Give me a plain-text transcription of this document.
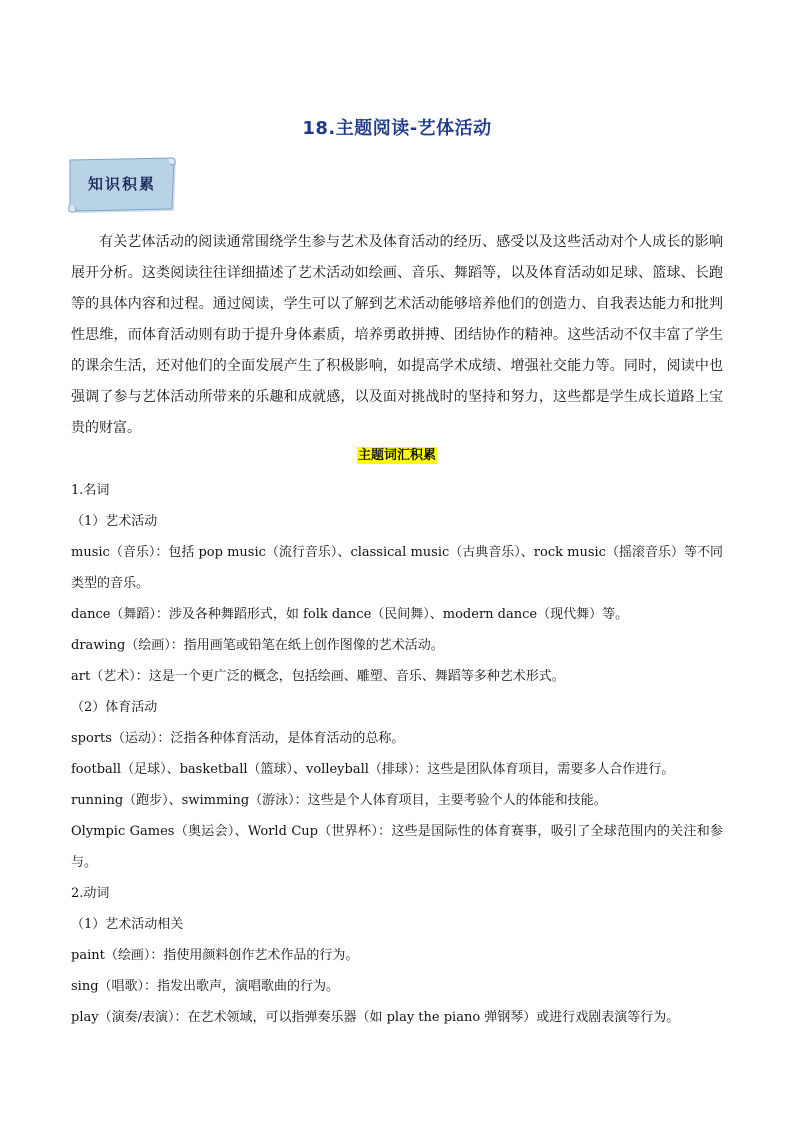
18.主题阅读-艺体活动
知识积累

有关艺体活动的阅读通常围绕学生参与艺术及体育活动的经历、感受以及这些活动对个人成长的影响展开分析。这类阅读往往详细描述了艺术活动如绘画、音乐、舞蹈等，以及体育活动如足球、篮球、长跑等的具体内容和过程。通过阅读，学生可以了解到艺术活动能够培养他们的创造力、自我表达能力和批判性思维，而体育活动则有助于提升身体素质，培养勇敢拼搏、团结协作的精神。这些活动不仅丰富了学生的课余生活，还对他们的全面发展产生了积极影响，如提高学术成绩、增强社交能力等。同时，阅读中也强调了参与艺体活动所带来的乐趣和成就感，以及面对挑战时的坚持和努力，这些都是学生成长道路上宝贵的财富。

主题词汇积累

1.名词

（1）艺术活动

music（音乐）：包括 pop music（流行音乐）、classical music（古典音乐）、rock music（摇滚音乐）等不同类型的音乐。

dance（舞蹈）：涉及各种舞蹈形式，如 folk dance（民间舞）、modern dance（现代舞）等。

drawing（绘画）：指用画笔或铅笔在纸上创作图像的艺术活动。

art（艺术）：这是一个更广泛的概念，包括绘画、雕塑、音乐、舞蹈等多种艺术形式。

（2）体育活动

sports（运动）：泛指各种体育活动，是体育活动的总称。

football（足球）、basketball（篮球）、volleyball（排球）：这些是团队体育项目，需要多人合作进行。

running（跑步）、swimming（游泳）：这些是个人体育项目，主要考验个人的体能和技能。

Olympic Games（奥运会）、World Cup（世界杯）：这些是国际性的体育赛事，吸引了全球范围内的关注和参与。

2.动词

（1）艺术活动相关

paint（绘画）：指使用颜料创作艺术作品的行为。

sing（唱歌）：指发出歌声，演唱歌曲的行为。

play（演奏/表演）：在艺术领域，可以指弹奏乐器（如 play the piano 弹钢琴）或进行戏剧表演等行为。
